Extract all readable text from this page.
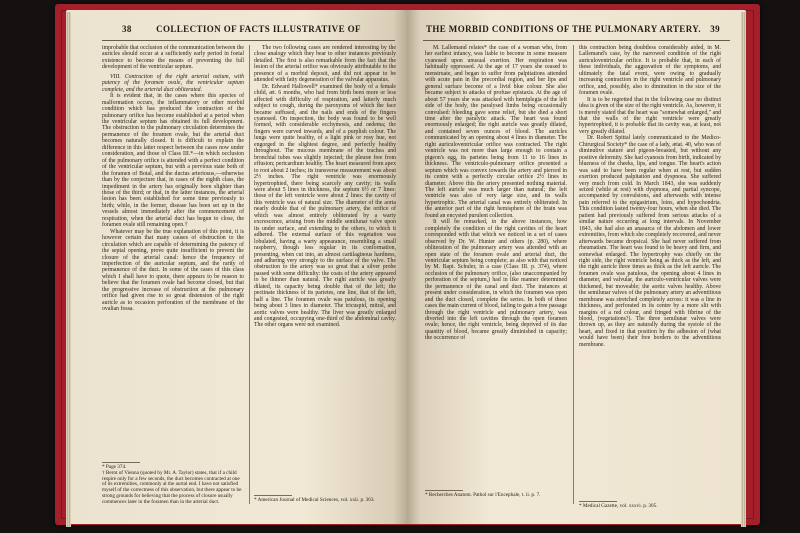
38	COLLECTION OF FACTS ILLUSTRATIVE OF

improbable that occlusion of the communication between the auricles should occur at a sufficiently early period in foetal existence to become the means of preventing the full development of the ventricular septum.

VIII. Contraction of the right arterial ostium, with patency of the foramen ovale, the ventricular septum complete, and the arterial duct obliterated.

It is evident that, in the cases where this species of malformation occurs, the inflammatory or other morbid condition which has produced the contraction of the pulmonary orifice has become established at a period when the ventricular septum has obtained its full development. The obstruction to the pulmonary circulation determines the permanence of the foramen ovale, but the arterial duct becomes naturally closed. It is difficult to explain the difference in this latter respect between the cases now under consideration, and those of Class III.*—in which occlusion of the pulmonary orifice is attended with a perfect condition of the ventricular septum, but with a pervious state both of the foramen of Botal, and the ductus arteriosus,—otherwise than by the conjecture that, in cases of the eighth class, the impediment in the artery has originally been slighter than those of the third; or that, in the latter instances, the arterial lesion has been established for some time previously to birth; while, in the former, disease has been set up in the vessels almost immediately after the commencement of respiration, when the arterial duct has begun to close, the foramen ovale still remaining open.†

Whatever may be the true explanation of this point, it is however certain that many causes of obstruction to the circulation which are capable of determining the patency of the septal opening, prove quite insufficient to prevent the closure of the arterial canal: hence the frequency of imperfection of the auricular septum, and the rarity of permanence of the duct. In some of the cases of this class which I shall have to quote, there appears to be reason to believe that the foramen ovale had become closed, but that the progressive increase of obstruction at the pulmonary orifice had given rise to so great distension of the right auricle as to occasion perforation of the membrane of the ovalian fossa.

* Page 374.

† Bernt of Vienna (quoted by Mr. A. Taylor) states, that if a child respire only for a few seconds, the duct becomes contracted at one of its extremities, commonly at the aortal end. I have not satisfied myself of the correctness of this observation, but there appear to be strong grounds for believing that the process of closure usually commences later in the foramen than in the arterial duct.

The two following cases are rendered interesting by the close analogy which they bear to other instances previously detailed. The first is also remarkable from the fact that the lesion of the arterial orifice was obviously attributable to the presence of a morbid deposit, and did not appear to be attended with fatty degeneration of the valvular apparatus.

Dr. Edward Hallowell* examined the body of a female child, æt. 6 months, who had from birth been more or less affected with difficulty of respiration, and latterly much subject to cough, during the paroxysms of which the face became suffused, and the nails and ends of the fingers cyanosed. On inspection, the body was found to be well formed, with considerable ecchymosis, and oedema; the fingers were curved inwards, and of a purplish colour. The lungs were quite healthy, of a light pink or rosy hue, not engorged in the slightest degree, and perfectly healthy throughout. The mucous membrane of the trachea and bronchial tubes was slightly injected; the pleuræ free from effusion; pericardium healthy. The heart measured from apex to root about 2 inches; its transverse measurement was about 2½ inches. The right ventricle was enormously hypertrophied, there being scarcely any cavity; its walls were about 5 lines in thickness, the septum 6½ or 7 lines: those of the left ventricle were about 2 lines: the cavity of this ventricle was of natural size. The diameter of the aorta nearly double that of the pulmonary artery, the orifice of which was almost entirely obliterated by a warty excrescence, arising from the middle semilunar valve upon its under surface, and extending to the others, to which it adhered. The external surface of this vegetation was lobulated, having a warty appearance, resembling a small raspberry, though less regular in its conformation, presenting, when cut into, an almost cartilaginous hardness, and adhering very strongly to the surface of the valve. The obstruction to the artery was so great that a silver probe passed with some difficulty: the coats of the artery appeared to be thinner than natural. The right auricle was greatly dilated, its capacity being double that of the left; the pectinate thickness of its parietes, one line, that of the left, half a line. The foramen ovale was patulous, its opening being about 3 lines in diameter. The tricuspid, mitral, and aortic valves were healthy. The liver was greatly enlarged and congested, occupying one-third of the abdominal cavity. The other organs were not examined.

* American Journal of Medical Sciences, vol. xxii. p. 363.

THE MORBID CONDITIONS OF THE PULMONARY ARTERY.	39

M. Lallemand relates* the case of a woman who, from her earliest infancy, was liable to become in some measure cyanosed upon unusual exertion. Her respiration was habitually oppressed. At the age of 17 years she ceased to menstruate, and began to suffer from palpitations attended with acute pain in the precordial region, and her lips and general surface become of a livid blue colour. She also became subject to attacks of profuse epistaxis. At the age of about 57 years she was attacked with hemiplegia of the left side of the body, the paralysed limbs being occasionally convulsed: bleeding gave some relief, but she died a short time after the paralytic attack. The heart was found enormously enlarged; the right auricle was greatly dilated, and contained seven ounces of blood. The auricles communicated by an opening about 4 lines in diameter. The right auriculoventricular orifice was contracted. The right ventricle was not more than large enough to contain a pigeon's egg, its parietes being from 11 to 16 lines in thickness. The ventriculo-pulmonary orifice presented a septum which was convex towards the artery and pierced in its centre with a perfectly circular orifice 2½ lines in diameter. Above this the artery presented nothing material. The left auricle was much larger than natural; the left ventricle was also of very large size, and its walls hypertrophic. The arterial canal was entirely obliterated. In the anterior part of the right hemisphere of the brain was found an encysted purulent collection.

It will be remarked, in the above instances, how completely the condition of the right cavities of the heart corresponded with that which we noticed in a set of cases observed by Dr. W. Hunter and others (p. 280), where obliteration of the pulmonary artery was attended with an open state of the foramen ovale and arterial duct, the ventricular septum being complete; as also with that noticed by M. Bapt. Schuler, in a case (Class III. p. 374), where occlusion of the pulmonary orifice, (also unaccompanied by perforation of the septum,) had in like manner determined the permanence of the canal and duct. The instances at present under consideration, in which the foramen was open and the duct closed, complete the series. In both of these cases the main current of blood, failing to gain a free passage through the right ventricle and pulmonary artery, was diverted into the left cavities through the open foramen ovale; hence, the right ventricle, being deprived of its due quantity of blood, became greatly diminished in capacity; the occurrence of

* Recherches Anatom. Pathol sur l'Encephale, t. ii. p. 7.

this contraction being doubtless considerably aided, in M. Lallemand's case, by the narrowed condition of the right auriculoventricular orifice. It is probable that, in each of these individuals, the aggravation of the symptoms, and ultimately the fatal event, were owing to gradually increasing contraction in the right ventricle and pulmonary orifice, and, possibly, also to diminution in the size of the foramen ovale.

It is to be regretted that in the following case no distinct idea is given of the size of the right ventricle. As, however, it is merely stated that the heart was "somewhat enlarged," and that the walls of the right ventricle were greatly hypertrophied, it is probable that its cavity was, at least, not very greatly dilated.

Dr. Robert Spittal lately communicated to the Medico-Chirurgical Society* the case of a lady, ætat. 40, who was of diminutive stature and pigeon-breasted, but without any positive deformity. She had cyanosis from birth, indicated by blueness of the cheeks, lips, and tongue. The heart's action was said to have been regular when at rest, but sudden exertion produced palpitation and dyspnoea. She suffered very much from cold. In March 1843, she was suddenly seized (while at rest) with dyspnoea, and partial syncope, accompanied by convulsions, and afterwards with intense pain referred to the epigastrium, loins, and hypochondria. This condition lasted twenty-four hours, when she died. The patient had previously suffered from serious attacks of a similar nature occurring at long intervals. In November 1843, she had also an anasarca of the abdomen and lower extremities, from which she completely recovered, and never afterwards became dropsical. She had never suffered from rheumatism. The heart was found to be heavy and firm, and somewhat enlarged. The hypertrophy was chiefly on the right side, the right ventricle being as thick as the left, and the right auricle three times as thick as the left auricle. The foramen ovale was patulous, the opening about 4 lines in diameter, and valvular, the auriculo-ventricular valves were thickened, but moveable; the aortic valves healthy. Above the semilunar valves of the pulmonary artery an adventitious membrane was stretched completely across: it was a line in thickness, and perforated in its centre by a more slit with margins of a red colour, and fringed with fibrine of the blood, (vegetations?). The three semilunar valves were thrown up, as they are naturally during the systole of the heart, and fixed in that position by the adhesion of (what would have been) their free borders to the adventitious membrane.

* Medical Gazette, vol. xxxvi. p. 305.
